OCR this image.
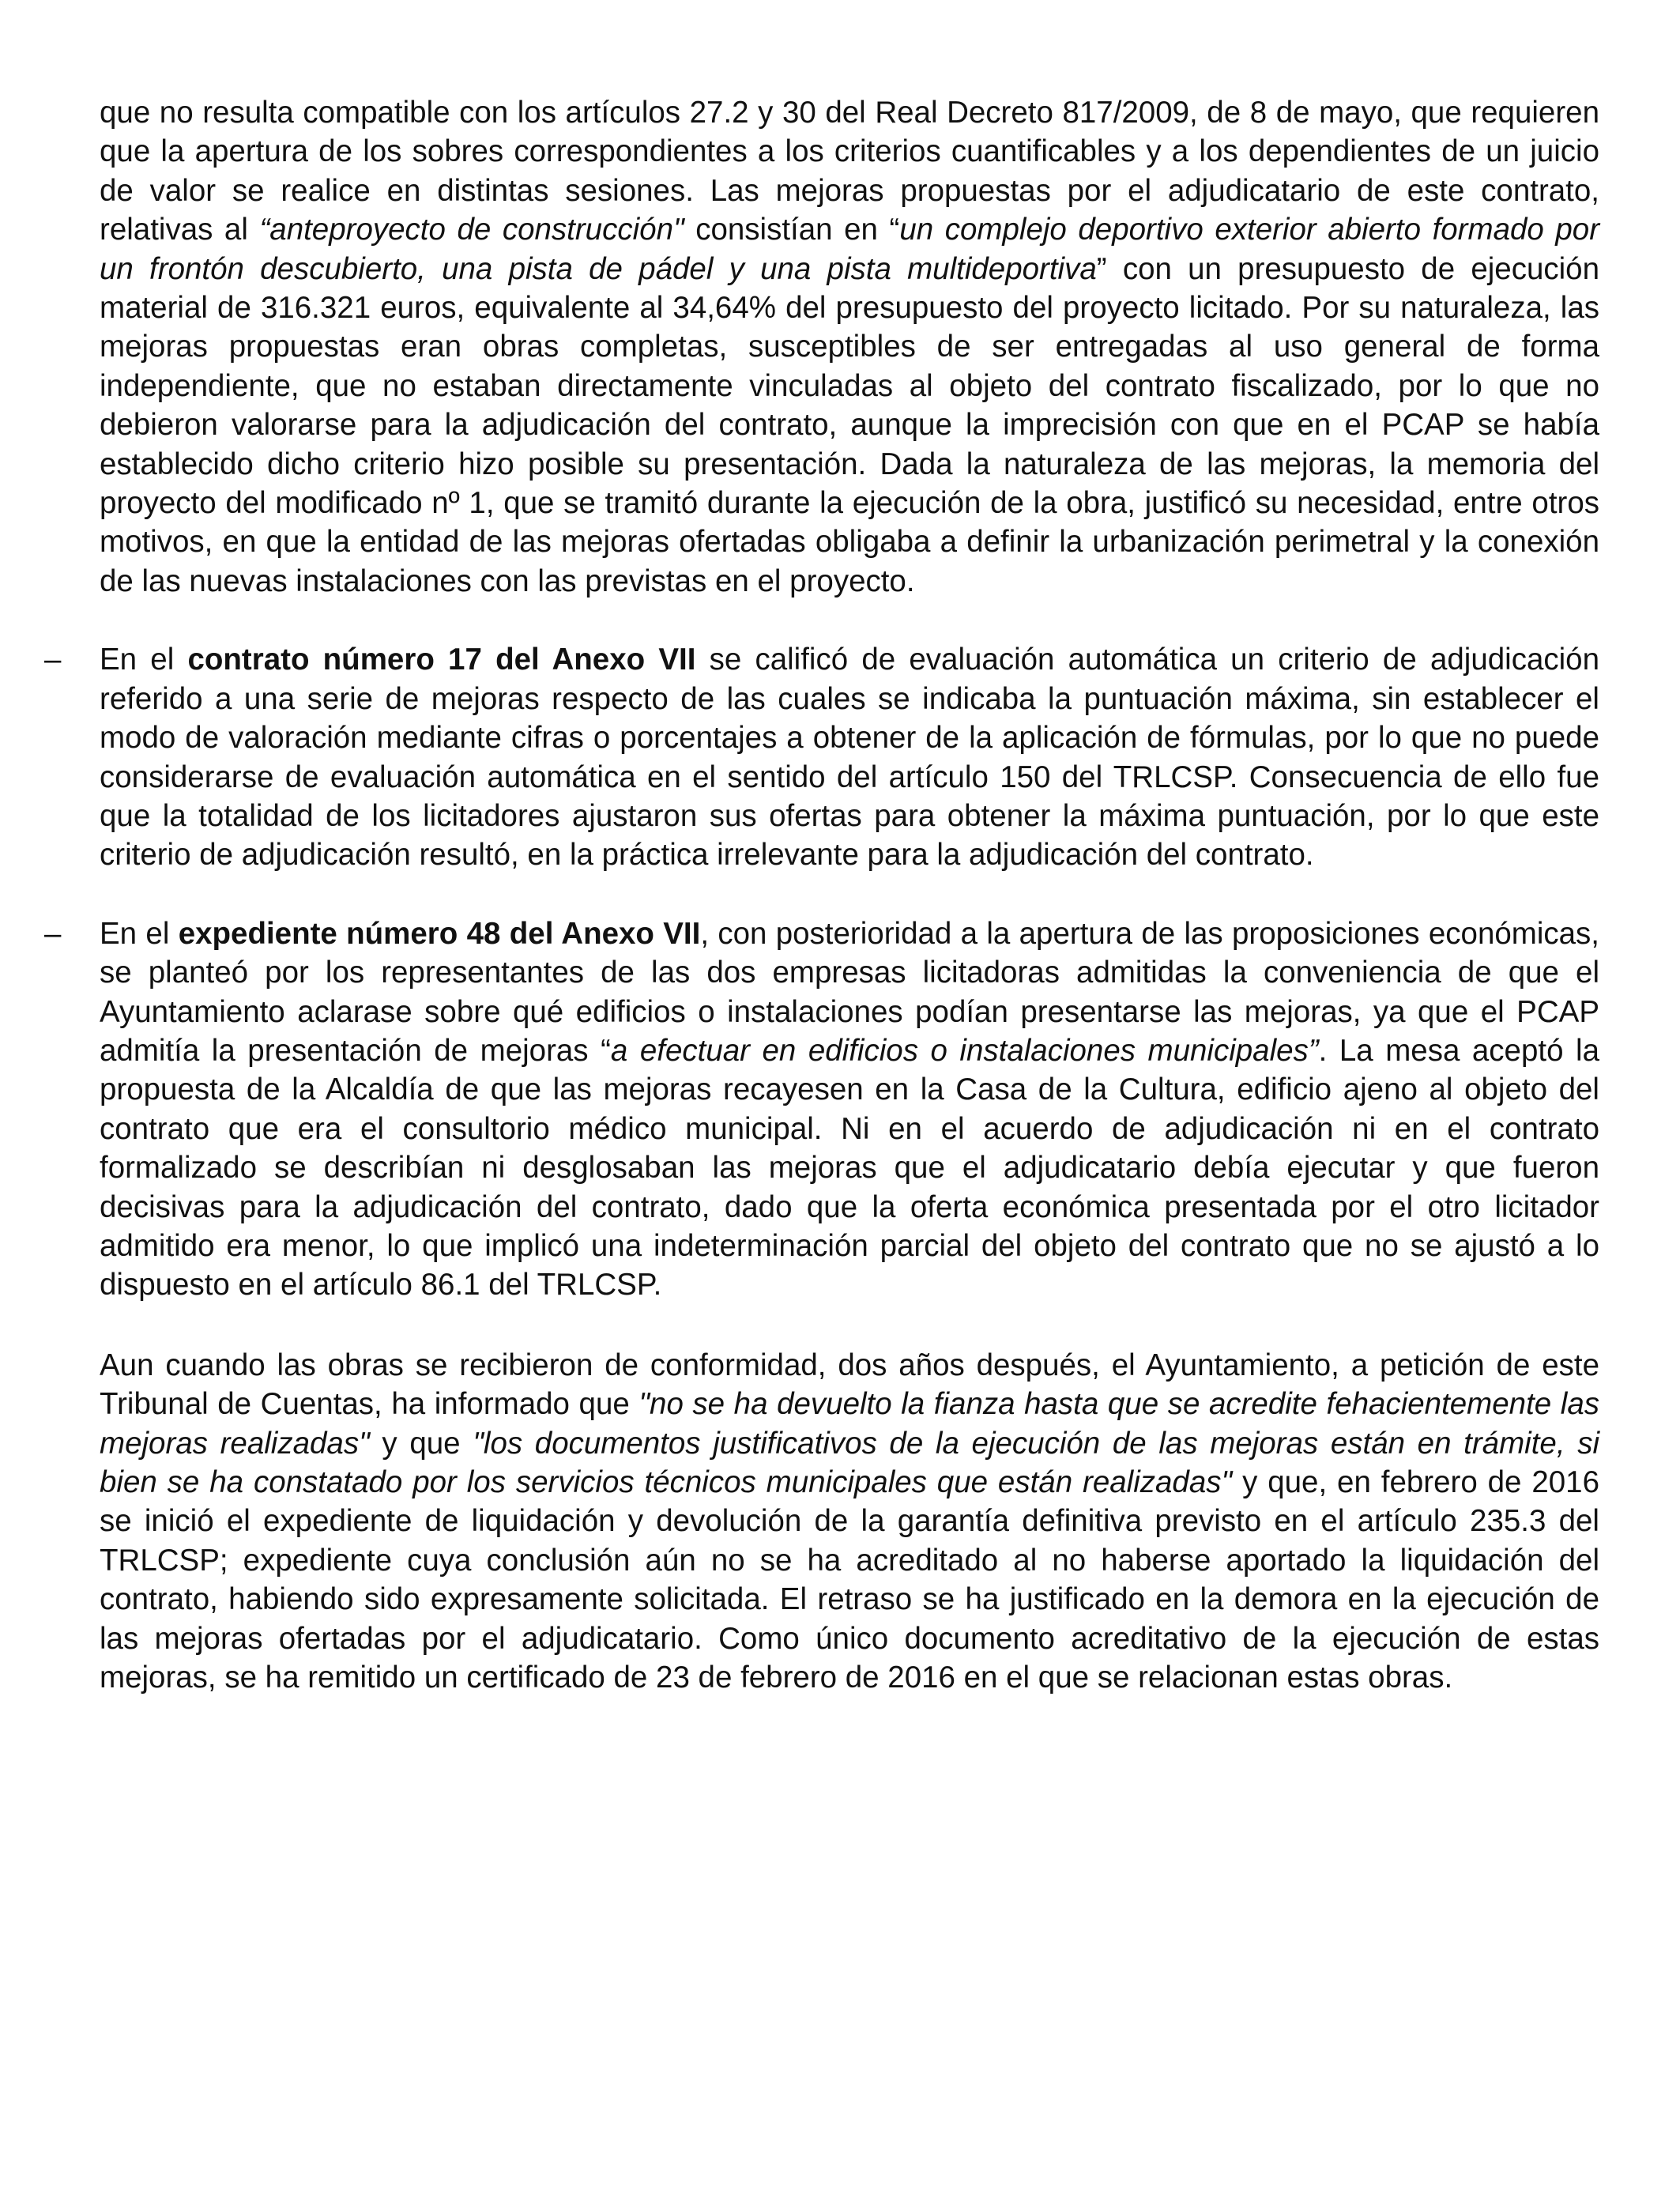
que no resulta compatible con los artículos 27.2 y 30 del Real Decreto 817/2009, de 8 de mayo, que requieren que la apertura de los sobres correspondientes a los criterios cuantificables y a los dependientes de un juicio de valor se realice en distintas sesiones. Las mejoras propuestas por el adjudicatario de este contrato, relativas al “anteproyecto de construcción" consistían en “un complejo deportivo exterior abierto formado por un frontón descubierto, una pista de pádel y una pista multideportiva” con un presupuesto de ejecución material de 316.321 euros, equivalente al 34,64% del presupuesto del proyecto licitado. Por su naturaleza, las mejoras propuestas eran obras completas, susceptibles de ser entregadas al uso general de forma independiente, que no estaban directamente vinculadas al objeto del contrato fiscalizado, por lo que no debieron valorarse para la adjudicación del contrato, aunque la imprecisión con que en el PCAP se había establecido dicho criterio hizo posible su presentación. Dada la naturaleza de las mejoras, la memoria del proyecto del modificado nº 1, que se tramitó durante la ejecución de la obra, justificó su necesidad, entre otros motivos, en que la entidad de las mejoras ofertadas obligaba a definir la urbanización perimetral y la conexión de las nuevas instalaciones con las previstas en el proyecto.

– En el contrato número 17 del Anexo VII se calificó de evaluación automática un criterio de adjudicación referido a una serie de mejoras respecto de las cuales se indicaba la puntuación máxima, sin establecer el modo de valoración mediante cifras o porcentajes a obtener de la aplicación de fórmulas, por lo que no puede considerarse de evaluación automática en el sentido del artículo 150 del TRLCSP. Consecuencia de ello fue que la totalidad de los licitadores ajustaron sus ofertas para obtener la máxima puntuación, por lo que este criterio de adjudicación resultó, en la práctica irrelevante para la adjudicación del contrato.

– En el expediente número 48 del Anexo VII, con posterioridad a la apertura de las proposiciones económicas, se planteó por los representantes de las dos empresas licitadoras admitidas la conveniencia de que el Ayuntamiento aclarase sobre qué edificios o instalaciones podían presentarse las mejoras, ya que el PCAP admitía la presentación de mejoras “a efectuar en edificios o instalaciones municipales”. La mesa aceptó la propuesta de la Alcaldía de que las mejoras recayesen en la Casa de la Cultura, edificio ajeno al objeto del contrato que era el consultorio médico municipal. Ni en el acuerdo de adjudicación ni en el contrato formalizado se describían ni desglosaban las mejoras que el adjudicatario debía ejecutar y que fueron decisivas para la adjudicación del contrato, dado que la oferta económica presentada por el otro licitador admitido era menor, lo que implicó una indeterminación parcial del objeto del contrato que no se ajustó a lo dispuesto en el artículo 86.1 del TRLCSP.

Aun cuando las obras se recibieron de conformidad, dos años después, el Ayuntamiento, a petición de este Tribunal de Cuentas, ha informado que "no se ha devuelto la fianza hasta que se acredite fehacientemente las mejoras realizadas" y que "los documentos justificativos de la ejecución de las mejoras están en trámite, si bien se ha constatado por los servicios técnicos municipales que están realizadas" y que, en febrero de 2016 se inició el expediente de liquidación y devolución de la garantía definitiva previsto en el artículo 235.3 del TRLCSP; expediente cuya conclusión aún no se ha acreditado al no haberse aportado la liquidación del contrato, habiendo sido expresamente solicitada. El retraso se ha justificado en la demora en la ejecución de las mejoras ofertadas por el adjudicatario. Como único documento acreditativo de la ejecución de estas mejoras, se ha remitido un certificado de 23 de febrero de 2016 en el que se relacionan estas obras.
